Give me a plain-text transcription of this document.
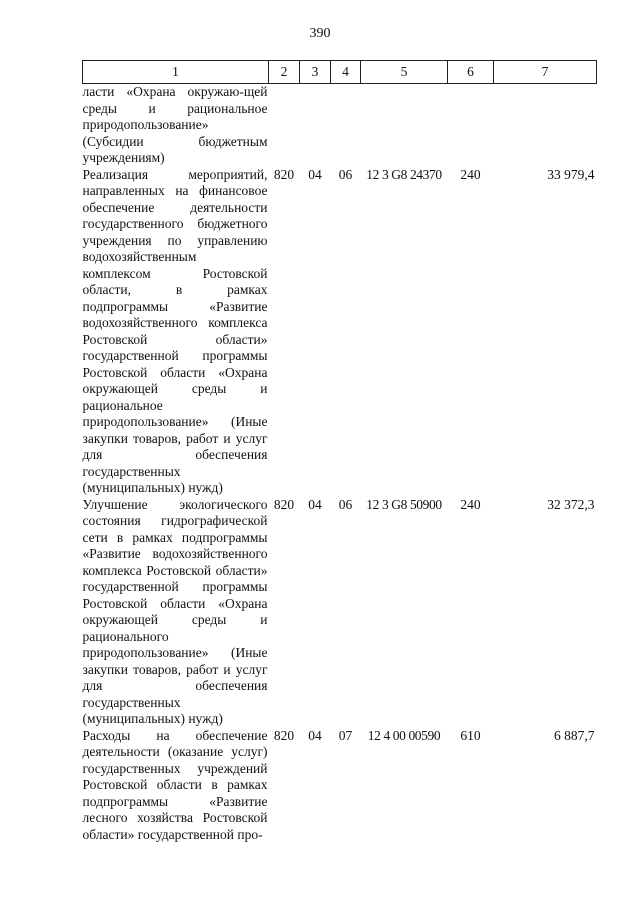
390
1	2	3	4	5	6	7
ласти «Охрана окружаю-щей среды и рациональное природопользование» (Субсидии бюджетным учреждениям)						
Реализация мероприятий, направленных на финансовое обеспечение деятельности государственного бюджетного учреждения по управлению водохозяйственным комплексом Ростовской области, в рамках подпрограммы «Развитие водохозяйственного комплекса Ростовской области» государственной программы Ростовской области «Охрана окружающей среды и рациональное природопользование» (Иные закупки товаров, работ и услуг для обеспечения государственных (муниципальных) нужд)	820	04	06	12 3 G8 24370	240	33 979,4
Улучшение экологического состояния гидрографической сети в рамках подпрограммы «Развитие водохозяйственного комплекса Ростовской области» государственной программы Ростовской области «Охрана окружающей среды и рационального природопользование» (Иные закупки товаров, работ и услуг для обеспечения государственных (муниципальных) нужд)	820	04	06	12 3 G8 50900	240	32 372,3
Расходы на обеспечение деятельности (оказание услуг) государственных учреждений Ростовской области в рамках подпрограммы «Развитие лесного хозяйства Ростовской области» государственной про-	820	04	07	12 4 00 00590	610	6 887,7
